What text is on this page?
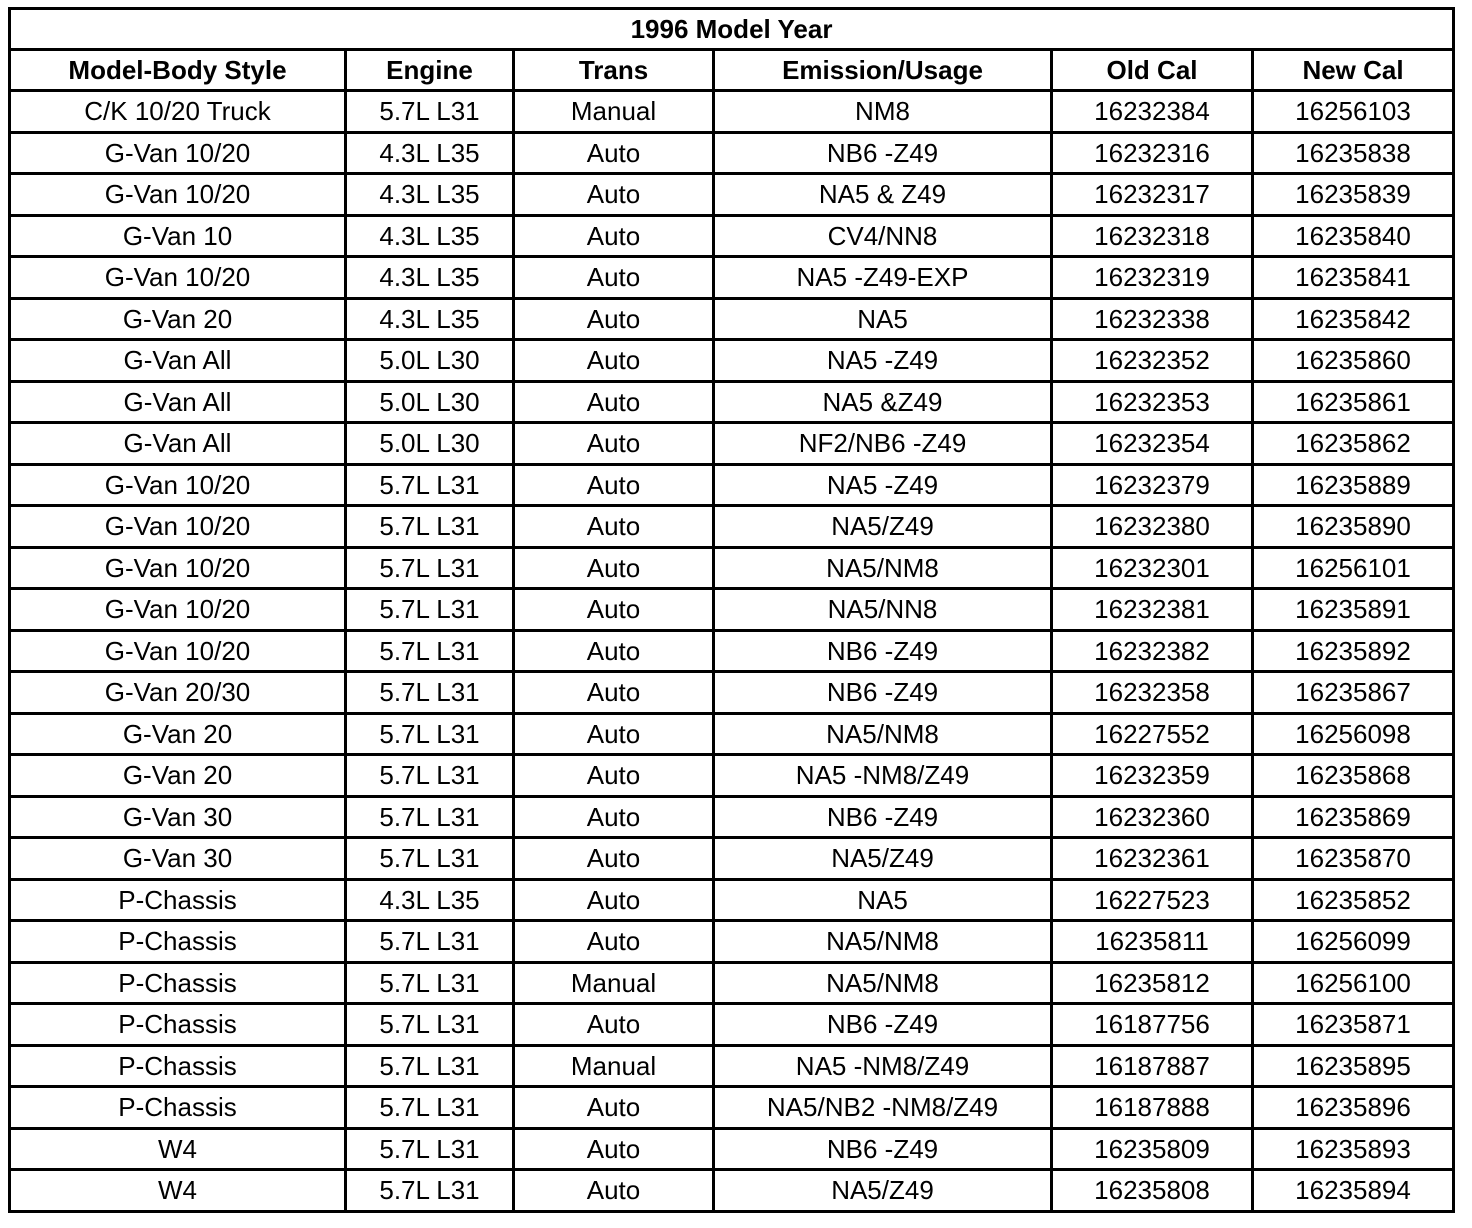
1996 Model Year					
Model-Body Style	Engine	Trans	Emission/Usage	Old Cal	New Cal
C/K 10/20 Truck	5.7L L31	Manual	NM8	16232384	16256103
G-Van 10/20	4.3L L35	Auto	NB6 -Z49	16232316	16235838
G-Van 10/20	4.3L L35	Auto	NA5 & Z49	16232317	16235839
G-Van 10	4.3L L35	Auto	CV4/NN8	16232318	16235840
G-Van 10/20	4.3L L35	Auto	NA5 -Z49-EXP	16232319	16235841
G-Van 20	4.3L L35	Auto	NA5	16232338	16235842
G-Van All	5.0L L30	Auto	NA5 -Z49	16232352	16235860
G-Van All	5.0L L30	Auto	NA5 &Z49	16232353	16235861
G-Van All	5.0L L30	Auto	NF2/NB6 -Z49	16232354	16235862
G-Van 10/20	5.7L L31	Auto	NA5 -Z49	16232379	16235889
G-Van 10/20	5.7L L31	Auto	NA5/Z49	16232380	16235890
G-Van 10/20	5.7L L31	Auto	NA5/NM8	16232301	16256101
G-Van 10/20	5.7L L31	Auto	NA5/NN8	16232381	16235891
G-Van 10/20	5.7L L31	Auto	NB6 -Z49	16232382	16235892
G-Van 20/30	5.7L L31	Auto	NB6 -Z49	16232358	16235867
G-Van 20	5.7L L31	Auto	NA5/NM8	16227552	16256098
G-Van 20	5.7L L31	Auto	NA5 -NM8/Z49	16232359	16235868
G-Van 30	5.7L L31	Auto	NB6 -Z49	16232360	16235869
G-Van 30	5.7L L31	Auto	NA5/Z49	16232361	16235870
P-Chassis	4.3L L35	Auto	NA5	16227523	16235852
P-Chassis	5.7L L31	Auto	NA5/NM8	16235811	16256099
P-Chassis	5.7L L31	Manual	NA5/NM8	16235812	16256100
P-Chassis	5.7L L31	Auto	NB6 -Z49	16187756	16235871
P-Chassis	5.7L L31	Manual	NA5 -NM8/Z49	16187887	16235895
P-Chassis	5.7L L31	Auto	NA5/NB2 -NM8/Z49	16187888	16235896
W4	5.7L L31	Auto	NB6 -Z49	16235809	16235893
W4	5.7L L31	Auto	NA5/Z49	16235808	16235894
